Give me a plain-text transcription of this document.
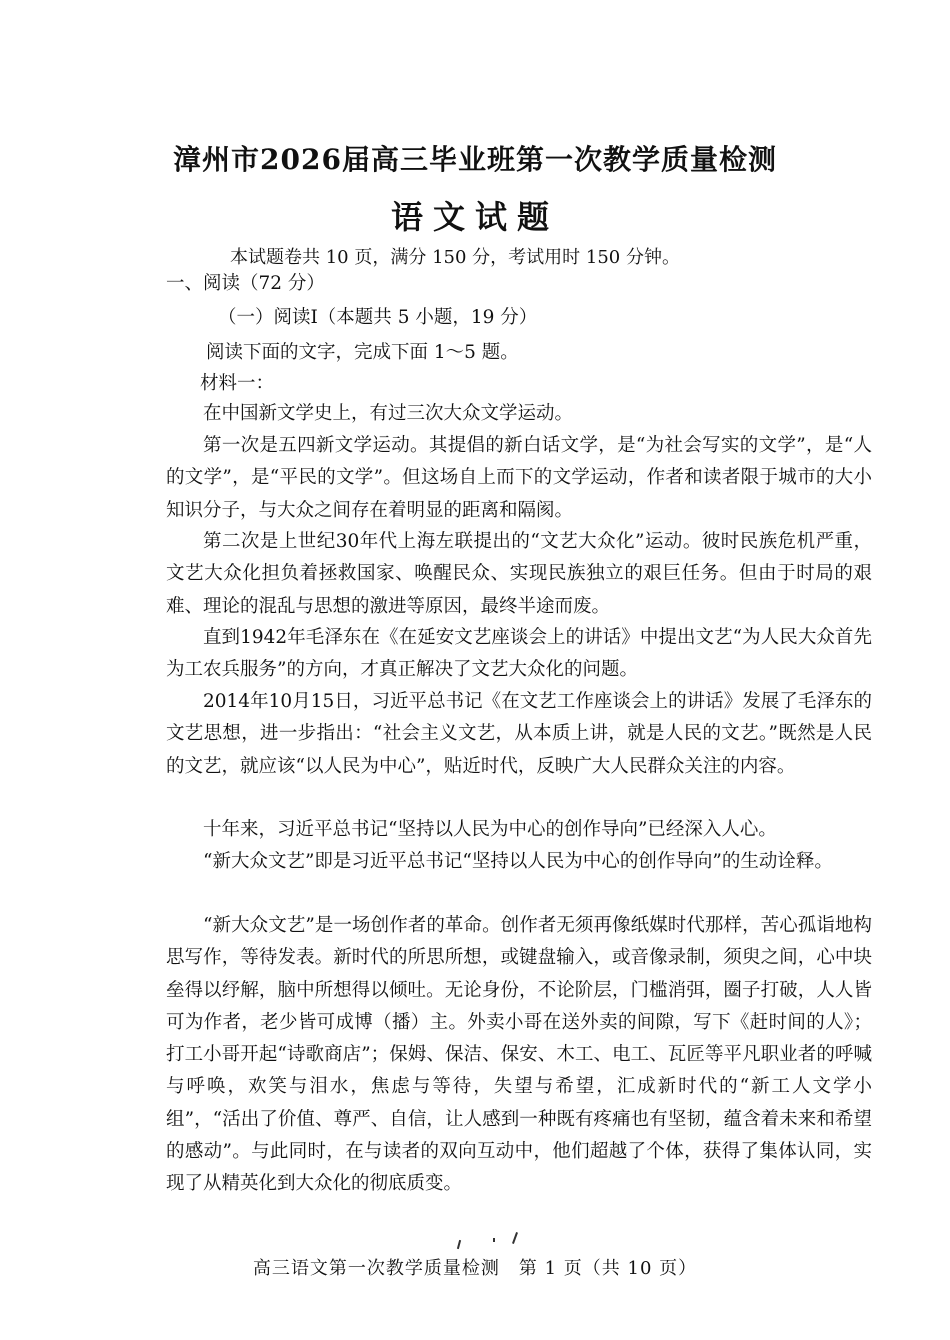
漳州市2026届高三毕业班第一次教学质量检测
语文试题
本试题卷共 10 页，满分 150 分，考试用时 150 分钟。
一、阅读（72 分）
（一）阅读Ⅰ（本题共 5 小题，19 分）
阅读下面的文字，完成下面 1～5 题。
材料一：

在中国新文学史上，有过三次大众文学运动。

第一次是五四新文学运动。其提倡的新白话文学，是“为社会写实的文学”，是“人的文学”，是“平民的文学”。但这场自上而下的文学运动，作者和读者限于城市的大小知识分子，与大众之间存在着明显的距离和隔阂。

第二次是上世纪30年代上海左联提出的“文艺大众化”运动。彼时民族危机严重，文艺大众化担负着拯救国家、唤醒民众、实现民族独立的艰巨任务。但由于时局的艰难、理论的混乱与思想的激进等原因，最终半途而废。

直到1942年毛泽东在《在延安文艺座谈会上的讲话》中提出文艺“为人民大众首先为工农兵服务”的方向，才真正解决了文艺大众化的问题。

2014年10月15日，习近平总书记《在文艺工作座谈会上的讲话》发展了毛泽东的文艺思想，进一步指出：“社会主义文艺，从本质上讲，就是人民的文艺。”既然是人民的文艺，就应该“以人民为中心”，贴近时代，反映广大人民群众关注的内容。

十年来，习近平总书记“坚持以人民为中心的创作导向”已经深入人心。

“新大众文艺”即是习近平总书记“坚持以人民为中心的创作导向”的生动诠释。

“新大众文艺”是一场创作者的革命。创作者无须再像纸媒时代那样，苦心孤诣地构思写作，等待发表。新时代的所思所想，或键盘输入，或音像录制，须臾之间，心中块垒得以纾解，脑中所想得以倾吐。无论身份，不论阶层，门槛消弭，圈子打破，人人皆可为作者，老少皆可成博（播）主。外卖小哥在送外卖的间隙，写下《赶时间的人》；打工小哥开起“诗歌商店”；保姆、保洁、保安、木工、电工、瓦匠等平凡职业者的呼喊与呼唤，欢笑与泪水，焦虑与等待，失望与希望，汇成新时代的“新工人文学小组”，“活出了价值、尊严、自信，让人感到一种既有疼痛也有坚韧，蕴含着未来和希望的感动”。与此同时，在与读者的双向互动中，他们超越了个体，获得了集体认同，实现了从精英化到大众化的彻底质变。

高三语文第一次教学质量检测　第 1 页（共 10 页）
